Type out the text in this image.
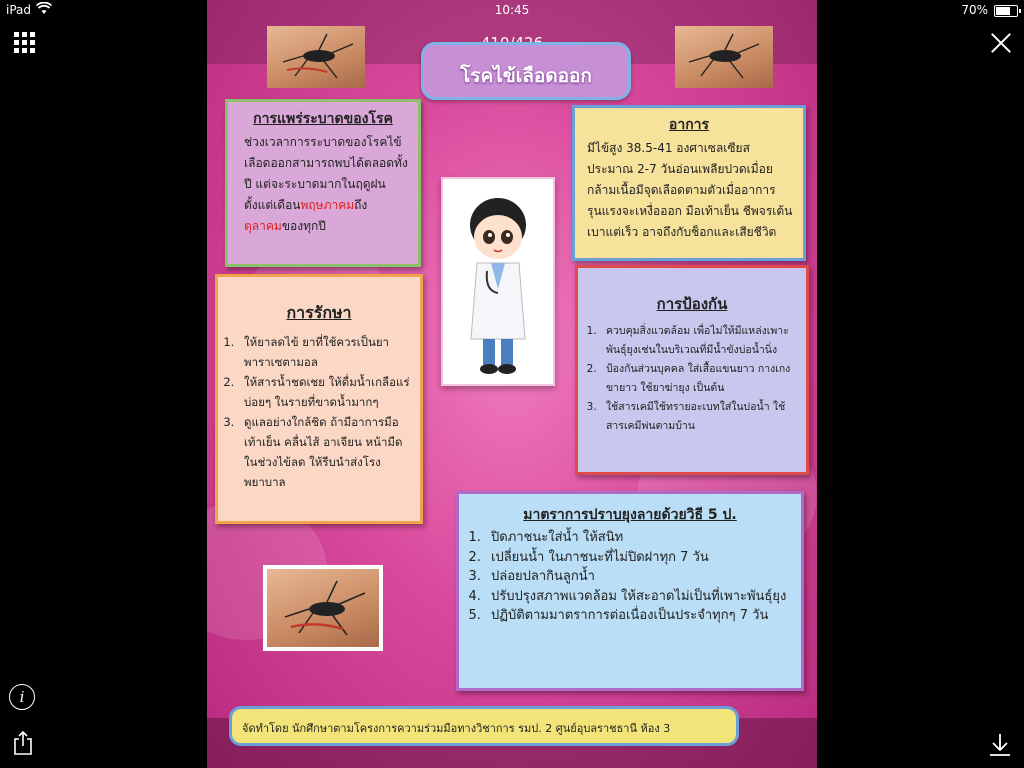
iPad	10:45	70%
i
โรคไข้เลือดออก
การแพร่ระบาดของโรค

ช่วงเวลาการระบาดของโรคไข้เลือดออกสามารถพบได้ตลอดทั้งปี แต่จะระบาดมากในฤดูฝน ตั้งแต่เดือนพฤษภาคมถึง
ตุลาคมของทุกปี

อาการ

มีไข้สูง 38.5-41 องศาเซลเซียส ประมาณ 2-7 วันอ่อนเพลียปวดเมื่อยกล้ามเนื้อมีจุดเลือดตามตัวเมื่ออาการรุนแรงจะเหงื่อออก มือเท้าเย็น ชีพจรเต้นเบาแต่เร็ว อาจถึงกับช็อกและเสียชีวิต

การรักษา
1. ให้ยาลดไข้ ยาที่ใช้ควรเป็นยาพาราเซตามอล
2. ให้สารน้ำชดเชย ให้ดื่มน้ำเกลือแร่บ่อยๆ ในรายที่ขาดน้ำมากๆ
3. ดูแลอย่างใกล้ชิด ถ้ามีอาการมือเท้าเย็น คลื่นไส้ อาเจียน หน้ามืด ในช่วงไข้ลด ให้รีบนำส่งโรงพยาบาล
การป้องกัน
1. ควบคุมสิ่งแวดล้อม เพื่อไม่ให้มีแหล่งเพาะพันธุ์ยุงเช่นในบริเวณที่มีน้ำขังบ่อน้ำนิ่ง
2. ป้องกันส่วนบุคคล ใส่เสื้อแขนยาว กางเกงขายาว ใช้ยาฆ่ายุง เป็นต้น
3. ใช้สารเคมีใช้ทรายอะเบทใส่ในบ่อน้ำ ใช้สารเคมีพ่นตามบ้าน
มาตราการปราบยุงลายด้วยวิธี 5 ป.
1. ปิดภาชนะใส่น้ำ ให้สนิท
2. เปลี่ยนน้ำ ในภาชนะที่ไม่ปิดฝาทุก 7 วัน
3. ปล่อยปลากินลูกน้ำ
4. ปรับปรุงสภาพแวดล้อม ให้สะอาดไม่เป็นที่เพาะพันธุ์ยุง
5. ปฏิบัติตามมาตราการต่อเนื่องเป็นประจำทุกๆ 7 วัน
จัดทำโดย นักศึกษาตามโครงการความร่วมมือทางวิชาการ รมป. 2 ศูนย์อุบลราชธานี ห้อง 3
